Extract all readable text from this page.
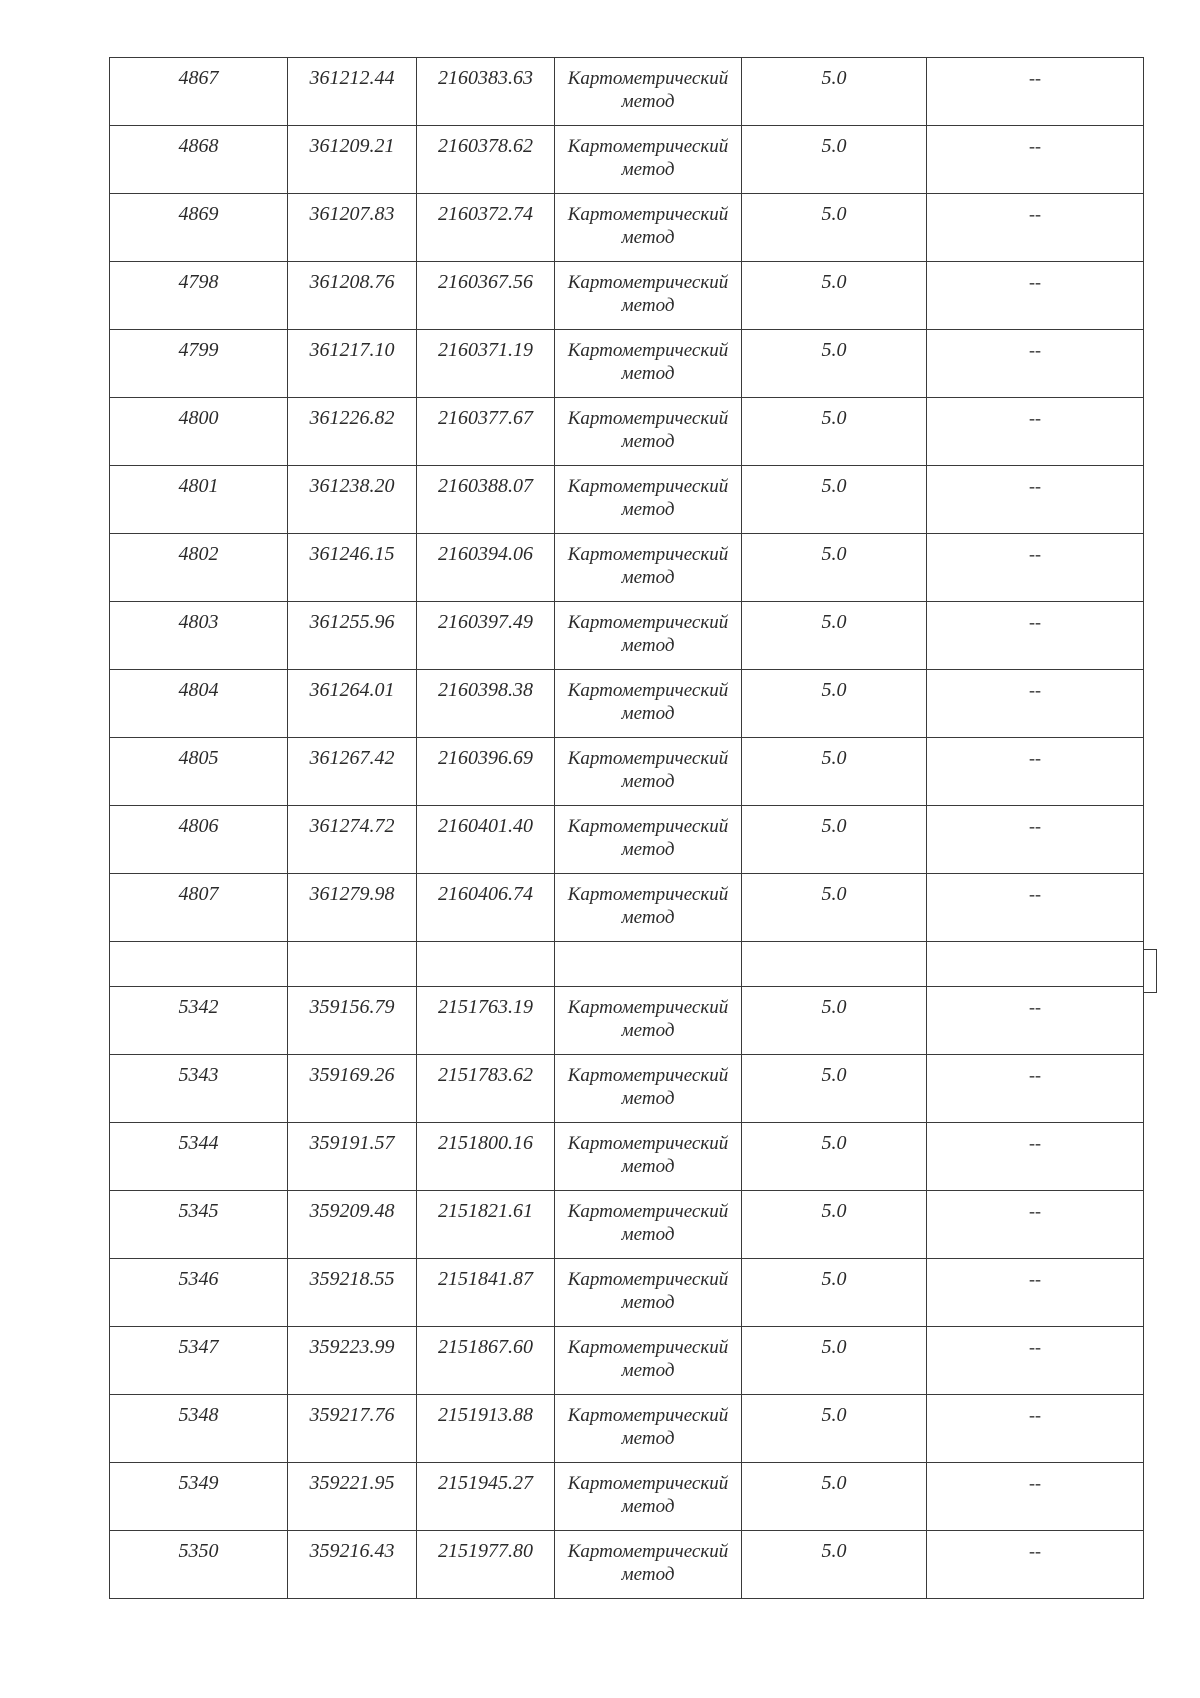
4867	361212.44	2160383.63	Картометрический метод	5.0	--
4868	361209.21	2160378.62	Картометрический метод	5.0	--
4869	361207.83	2160372.74	Картометрический метод	5.0	--
4798	361208.76	2160367.56	Картометрический метод	5.0	--
4799	361217.10	2160371.19	Картометрический метод	5.0	--
4800	361226.82	2160377.67	Картометрический метод	5.0	--
4801	361238.20	2160388.07	Картометрический метод	5.0	--
4802	361246.15	2160394.06	Картометрический метод	5.0	--
4803	361255.96	2160397.49	Картометрический метод	5.0	--
4804	361264.01	2160398.38	Картометрический метод	5.0	--
4805	361267.42	2160396.69	Картометрический метод	5.0	--
4806	361274.72	2160401.40	Картометрический метод	5.0	--
4807	361279.98	2160406.74	Картометрический метод	5.0	--

5342	359156.79	2151763.19	Картометрический метод	5.0	--
5343	359169.26	2151783.62	Картометрический метод	5.0	--
5344	359191.57	2151800.16	Картометрический метод	5.0	--
5345	359209.48	2151821.61	Картометрический метод	5.0	--
5346	359218.55	2151841.87	Картометрический метод	5.0	--
5347	359223.99	2151867.60	Картометрический метод	5.0	--
5348	359217.76	2151913.88	Картометрический метод	5.0	--
5349	359221.95	2151945.27	Картометрический метод	5.0	--
5350	359216.43	2151977.80	Картометрический метод	5.0	--
